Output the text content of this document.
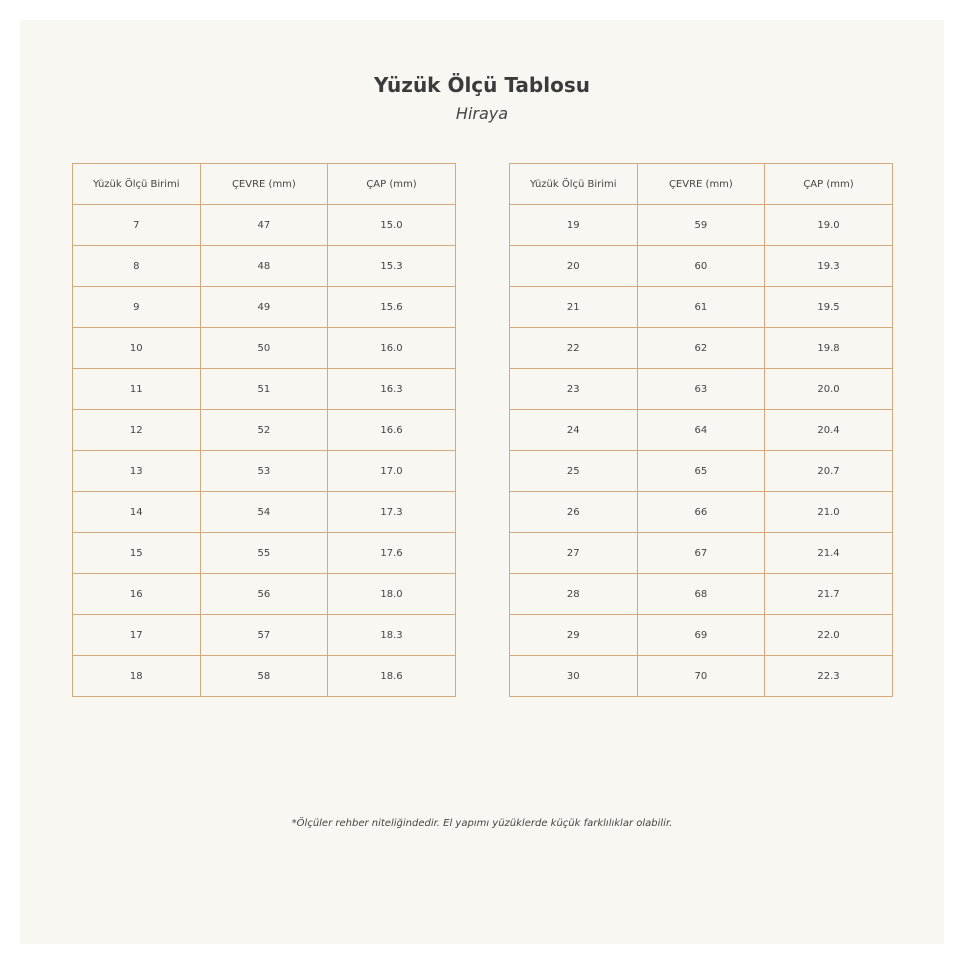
Yüzük Ölçü Tablosu
Hiraya
Yüzük Ölçü Birimi	ÇEVRE (mm)	ÇAP (mm)
7	47	15.0
8	48	15.3
9	49	15.6
10	50	16.0
11	51	16.3
12	52	16.6
13	53	17.0
14	54	17.3
15	55	17.6
16	56	18.0
17	57	18.3
18	58	18.6
Yüzük Ölçü Birimi	ÇEVRE (mm)	ÇAP (mm)
19	59	19.0
20	60	19.3
21	61	19.5
22	62	19.8
23	63	20.0
24	64	20.4
25	65	20.7
26	66	21.0
27	67	21.4
28	68	21.7
29	69	22.0
30	70	22.3
*Ölçüler rehber niteliğindedir. El yapımı yüzüklerde küçük farklılıklar olabilir.
